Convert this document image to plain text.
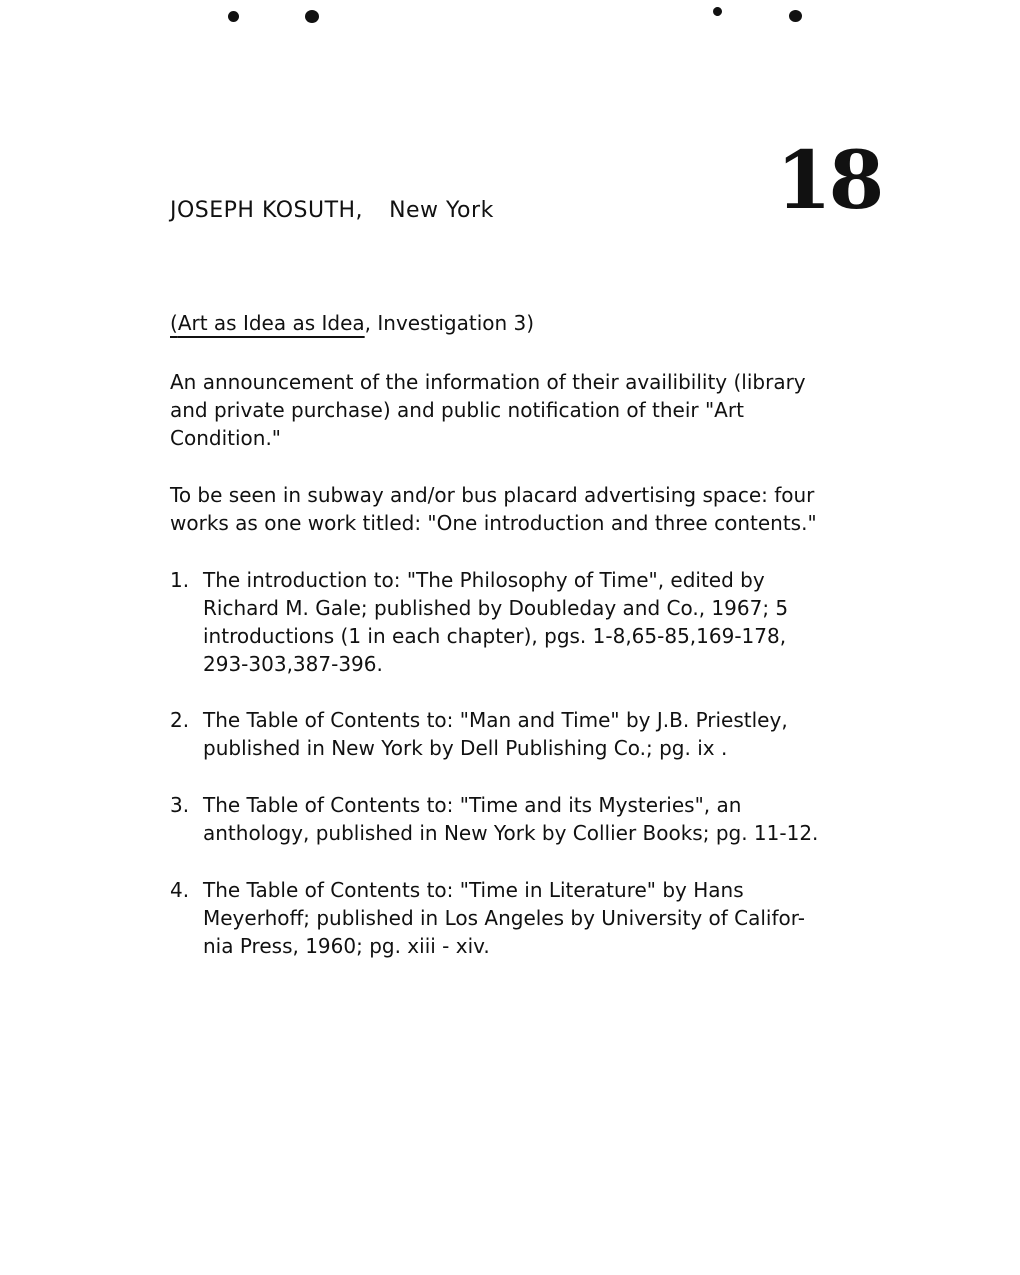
JOSEPH KOSUTH, New York	18
(Art as Idea as Idea, Investigation 3)
An announcement of the information of their availibility (library
and private purchase) and public notification of their "Art
Condition."
To be seen in subway and/or bus placard advertising space: four
works as one work titled: "One introduction and three contents."
1. The introduction to: "The Philosophy of Time", edited by
Richard M. Gale; published by Doubleday and Co., 1967; 5
introductions (1 in each chapter), pgs. 1-8,65-85,169-178,
293-303,387-396.
2. The Table of Contents to: "Man and Time" by J.B. Priestley,
published in New York by Dell Publishing Co.; pg. ix .
3. The Table of Contents to: "Time and its Mysteries", an
anthology, published in New York by Collier Books; pg. 11-12.
4. The Table of Contents to: "Time in Literature" by Hans
Meyerhoff; published in Los Angeles by University of Califor-
nia Press, 1960; pg. xiii - xiv.
